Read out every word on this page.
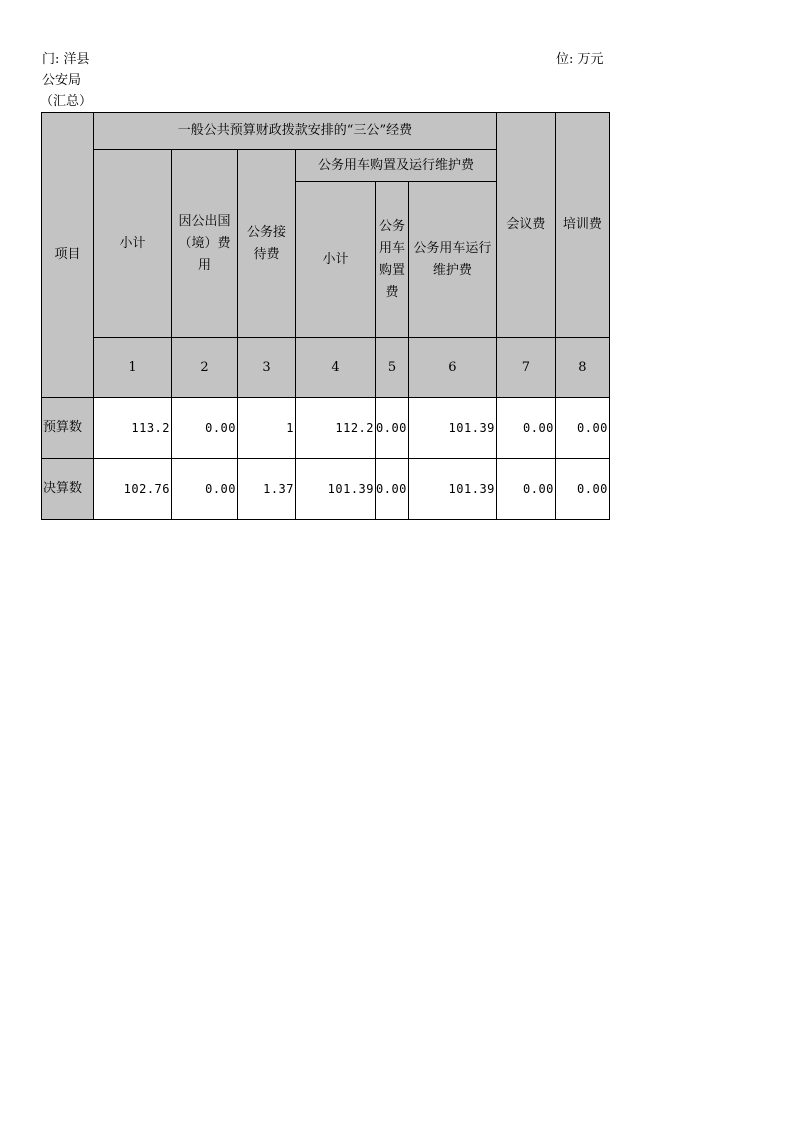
门: 洋县
公安局
（汇总）
位: 万元
项目	一般公共预算财政拨款安排的“三公”经费						会议费	培训费
	小计	因公出国（境）费用	公务接待费	公务用车购置及运行维护费				
				小计	公务用车购置费	公务用车运行维护费		
	1	2	3	4	5	6	7	8
预算数	113.2	0.00	1	112.2	0.00	101.39	0.00	0.00
决算数	102.76	0.00	1.37	101.39	0.00	101.39	0.00	0.00
